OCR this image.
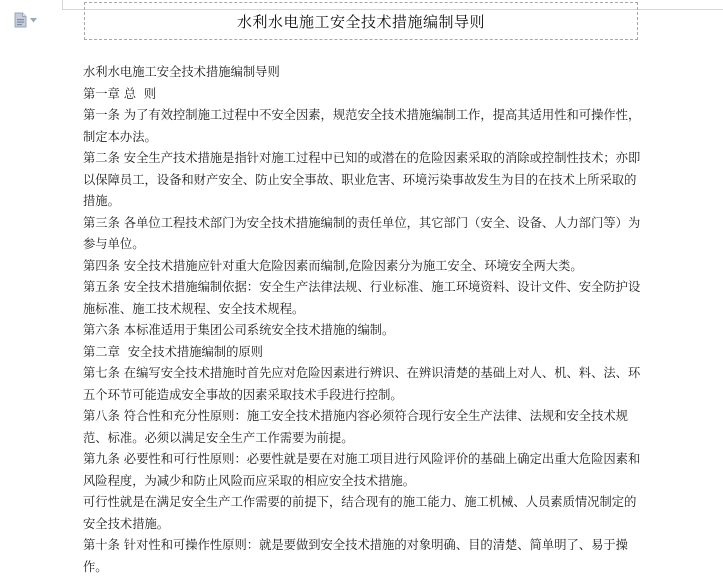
水利水电施工安全技术措施编制导则

水利水电施工安全技术措施编制导则

第一章 总  则

第一条 为了有效控制施工过程中不安全因素，规范安全技术措施编制工作，提高其适用性和可操作性，制定本办法。

第二条 安全生产技术措施是指针对施工过程中已知的或潜在的危险因素采取的消除或控制性技术；亦即以保障员工，设备和财产安全、防止安全事故、职业危害、环境污染事故发生为目的在技术上所采取的措施。

第三条 各单位工程技术部门为安全技术措施编制的责任单位，其它部门（安全、设备、人力部门等）为参与单位。

第四条 安全技术措施应针对重大危险因素而编制,危险因素分为施工安全、环境安全两大类。

第五条 安全技术措施编制依据：安全生产法律法规、行业标准、施工环境资料、设计文件、安全防护设施标准、施工技术规程、安全技术规程。

第六条 本标准适用于集团公司系统安全技术措施的编制。

第二章  安全技术措施编制的原则

第七条 在编写安全技术措施时首先应对危险因素进行辨识、在辨识清楚的基础上对人、机、料、法、环五个环节可能造成安全事故的因素采取技术手段进行控制。

第八条 符合性和充分性原则：施工安全技术措施内容必须符合现行安全生产法律、法规和安全技术规范、标准。必须以满足安全生产工作需要为前提。

第九条 必要性和可行性原则：必要性就是要在对施工项目进行风险评价的基础上确定出重大危险因素和风险程度，为减少和防止风险而应采取的相应安全技术措施。

可行性就是在满足安全生产工作需要的前提下，结合现有的施工能力、施工机械、人员素质情况制定的安全技术措施。

第十条 针对性和可操作性原则：就是要做到安全技术措施的对象明确、目的清楚、简单明了、易于操作。
